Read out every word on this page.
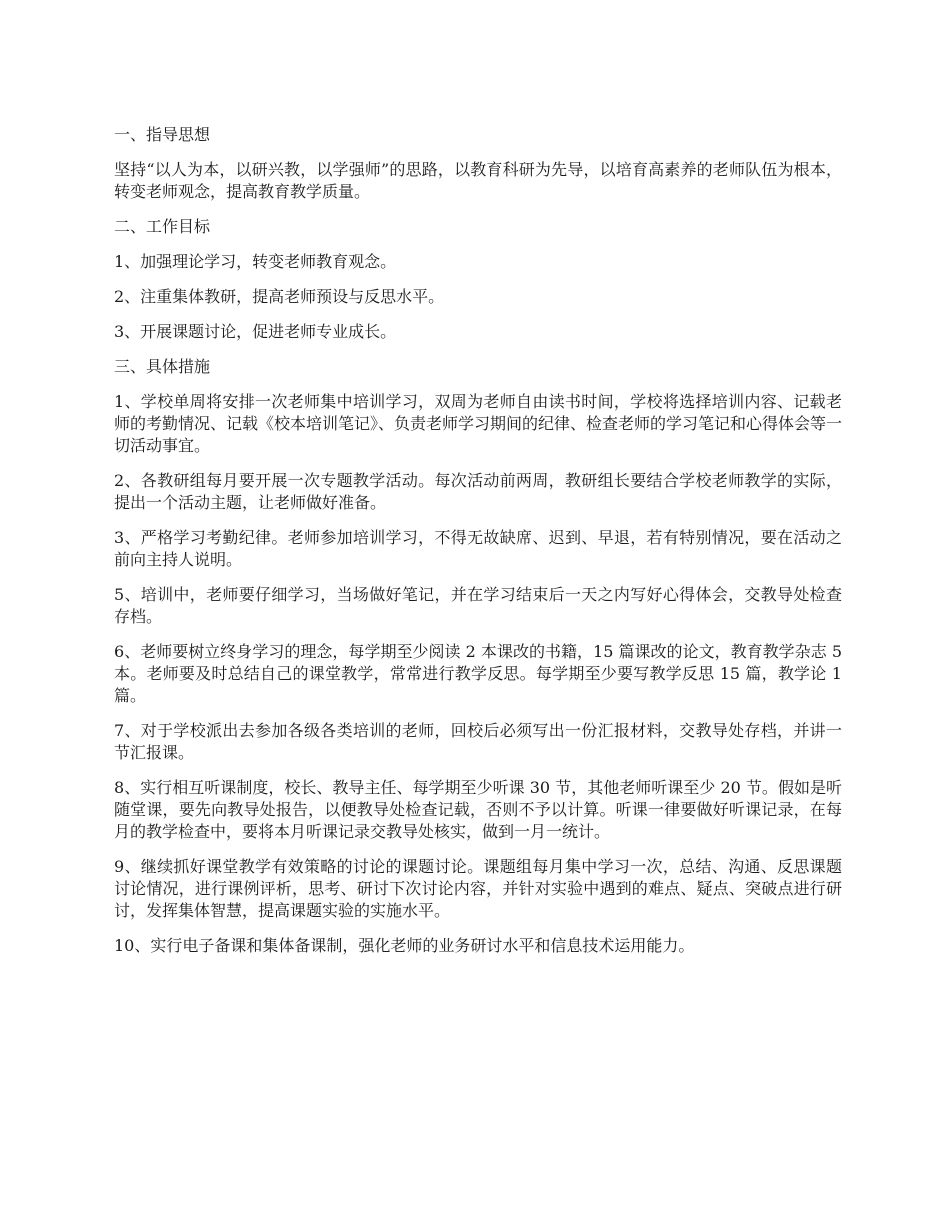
一、指导思想

坚持“以人为本，以研兴教，以学强师”的思路，以教育科研为先导，以培育高素养的老师队伍为根本，转变老师观念，提高教育教学质量。

二、工作目标

1、加强理论学习，转变老师教育观念。

2、注重集体教研，提高老师预设与反思水平。

3、开展课题讨论，促进老师专业成长。

三、具体措施

1、学校单周将安排一次老师集中培训学习，双周为老师自由读书时间，学校将选择培训内容、记载老师的考勤情况、记载《校本培训笔记》、负责老师学习期间的纪律、检查老师的学习笔记和心得体会等一切活动事宜。

2、各教研组每月要开展一次专题教学活动。每次活动前两周，教研组长要结合学校老师教学的实际，提出一个活动主题，让老师做好准备。

3、严格学习考勤纪律。老师参加培训学习，不得无故缺席、迟到、早退，若有特别情况，要在活动之前向主持人说明。

5、培训中，老师要仔细学习，当场做好笔记，并在学习结束后一天之内写好心得体会，交教导处检查存档。

6、老师要树立终身学习的理念，每学期至少阅读 2 本课改的书籍，15 篇课改的论文，教育教学杂志 5 本。老师要及时总结自己的课堂教学，常常进行教学反思。每学期至少要写教学反思 15 篇，教学论 1 篇。

7、对于学校派出去参加各级各类培训的老师，回校后必须写出一份汇报材料，交教导处存档，并讲一节汇报课。

8、实行相互听课制度，校长、教导主任、每学期至少听课 30 节，其他老师听课至少 20 节。假如是听随堂课，要先向教导处报告，以便教导处检查记载，否则不予以计算。听课一律要做好听课记录，在每月的教学检查中，要将本月听课记录交教导处核实，做到一月一统计。

9、继续抓好课堂教学有效策略的讨论的课题讨论。课题组每月集中学习一次，总结、沟通、反思课题讨论情况，进行课例评析，思考、研讨下次讨论内容，并针对实验中遇到的难点、疑点、突破点进行研讨，发挥集体智慧，提高课题实验的实施水平。

10、实行电子备课和集体备课制，强化老师的业务研讨水平和信息技术运用能力。
